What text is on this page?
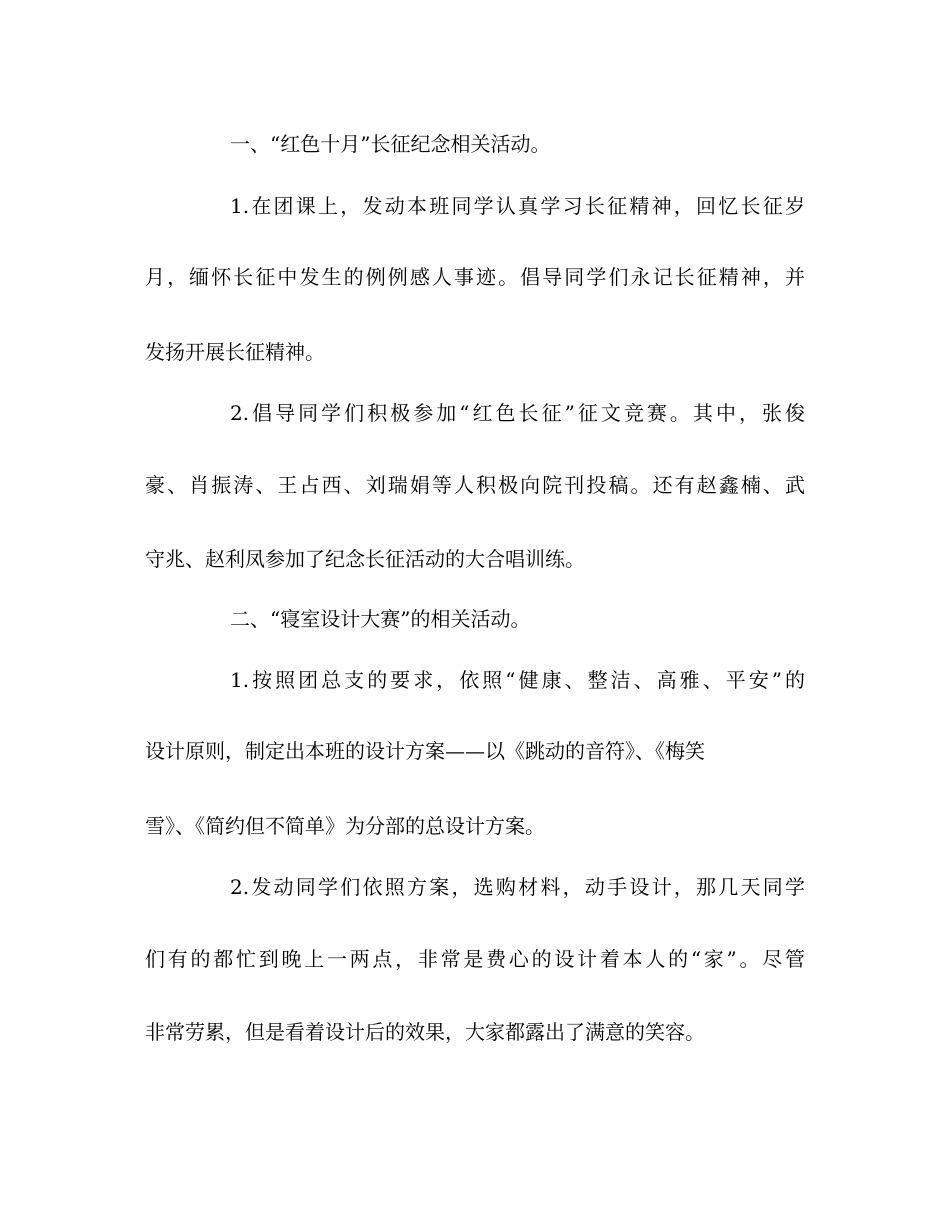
一、“红色十月”长征纪念相关活动。
1.在团课上，发动本班同学认真学习长征精神，回忆长征岁
月，缅怀长征中发生的例例感人事迹。倡导同学们永记长征精神，并
发扬开展长征精神。
2.倡导同学们积极参加“红色长征”征文竞赛。其中，张俊
豪、肖振涛、王占西、刘瑞娟等人积极向院刊投稿。还有赵鑫楠、武
守兆、赵利凤参加了纪念长征活动的大合唱训练。
二、“寝室设计大赛”的相关活动。
1.按照团总支的要求，依照“健康、整洁、高雅、平安”的
设计原则，制定出本班的设计方案——以《跳动的音符》、《梅笑
雪》、《简约但不简单》为分部的总设计方案。
2.发动同学们依照方案，选购材料，动手设计，那几天同学
们有的都忙到晚上一两点，非常是费心的设计着本人的“家”。尽管
非常劳累，但是看着设计后的效果，大家都露出了满意的笑容。
